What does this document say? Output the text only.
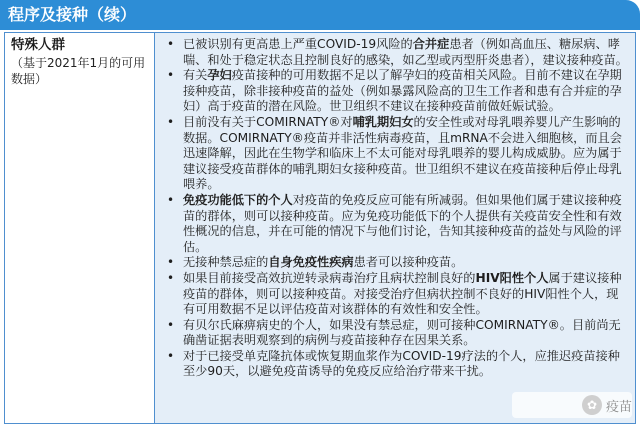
程序及接种（续）
特殊人群
（基于2021年1月的可用数据）
• 已被识别有更高患上严重COVID-19风险的合并症患者（例如高血压、糖尿病、哮喘、和处于稳定状态且控制良好的感染，如乙型或丙型肝炎患者），建议接种疫苗。
• 有关孕妇疫苗接种的可用数据不足以了解孕妇的疫苗相关风险。目前不建议在孕期接种疫苗，除非接种疫苗的益处（例如暴露风险高的卫生工作者和患有合并症的孕妇）高于疫苗的潜在风险。世卫组织不建议在接种疫苗前做妊娠试验。
• 目前没有关于COMIRNATY®对哺乳期妇女的安全性或对母乳喂养婴儿产生影响的数据。COMIRNATY®疫苗并非活性病毒疫苗，且mRNA不会进入细胞核，而且会迅速降解，因此在生物学和临床上不太可能对母乳喂养的婴儿构成威胁。应为属于建议接受疫苗群体的哺乳期妇女接种疫苗。世卫组织不建议在疫苗接种后停止母乳喂养。
• 免疫功能低下的个人对疫苗的免疫反应可能有所减弱。但如果他们属于建议接种疫苗的群体，则可以接种疫苗。应为免疫功能低下的个人提供有关疫苗安全性和有效性概况的信息，并在可能的情况下与他们讨论，告知其接种疫苗的益处与风险的评估。
• 无接种禁忌症的自身免疫性疾病患者可以接种疫苗。
• 如果目前接受高效抗逆转录病毒治疗且病状控制良好的HIV阳性个人属于建议接种疫苗的群体，则可以接种疫苗。对接受治疗但病状控制不良好的HIV阳性个人，现有可用数据不足以评估疫苗对该群体的有效性和安全性。
• 有贝尔氏麻痹病史的个人，如果没有禁忌症，则可接种COMIRNATY®。目前尚无确凿证据表明观察到的病例与疫苗接种存在因果关系。
• 对于已接受单克隆抗体或恢复期血浆作为COVID-19疗法的个人，应推迟疫苗接种至少90天，以避免疫苗诱导的免疫反应给治疗带来干扰。
✿ 疫苗
